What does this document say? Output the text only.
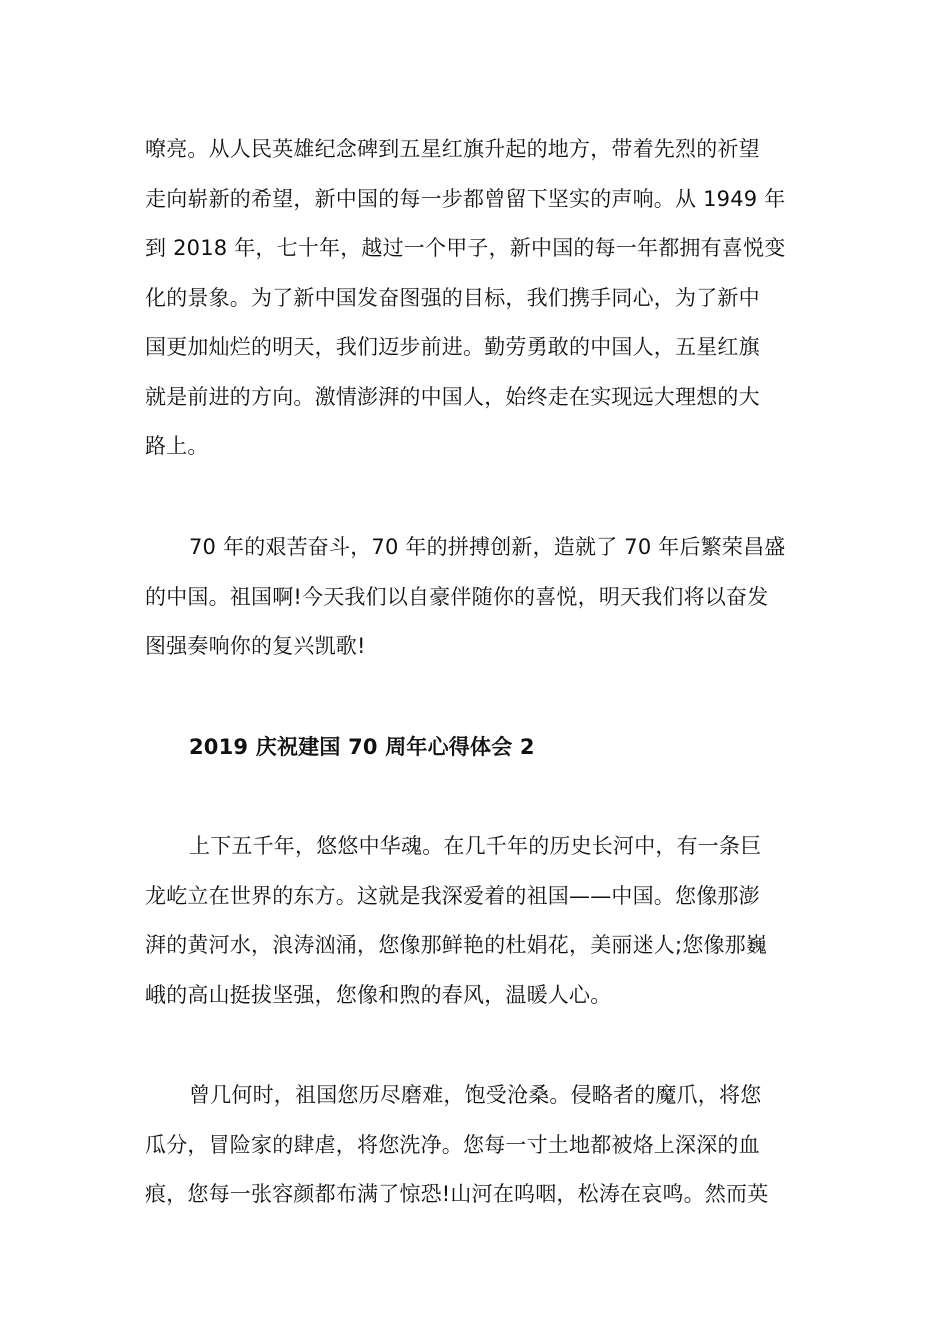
嘹亮。从人民英雄纪念碑到五星红旗升起的地方，带着先烈的祈望
走向崭新的希望，新中国的每一步都曾留下坚实的声响。从 1949 年
到 2018 年，七十年，越过一个甲子，新中国的每一年都拥有喜悦变
化的景象。为了新中国发奋图强的目标，我们携手同心，为了新中
国更加灿烂的明天，我们迈步前进。勤劳勇敢的中国人，五星红旗
就是前进的方向。激情澎湃的中国人，始终走在实现远大理想的大
路上。
70 年的艰苦奋斗，70 年的拼搏创新，造就了 70 年后繁荣昌盛
的中国。祖国啊!今天我们以自豪伴随你的喜悦，明天我们将以奋发
图强奏响你的复兴凯歌!
2019 庆祝建国 70 周年心得体会 2
上下五千年，悠悠中华魂。在几千年的历史长河中，有一条巨
龙屹立在世界的东方。这就是我深爱着的祖国——中国。您像那澎
湃的黄河水，浪涛汹涌，您像那鲜艳的杜娟花，美丽迷人;您像那巍
峨的高山挺拔坚强，您像和煦的春风，温暖人心。
曾几何时，祖国您历尽磨难，饱受沧桑。侵略者的魔爪，将您
瓜分，冒险家的肆虐，将您洗净。您每一寸土地都被烙上深深的血
痕，您每一张容颜都布满了惊恐!山河在呜咽，松涛在哀鸣。然而英
